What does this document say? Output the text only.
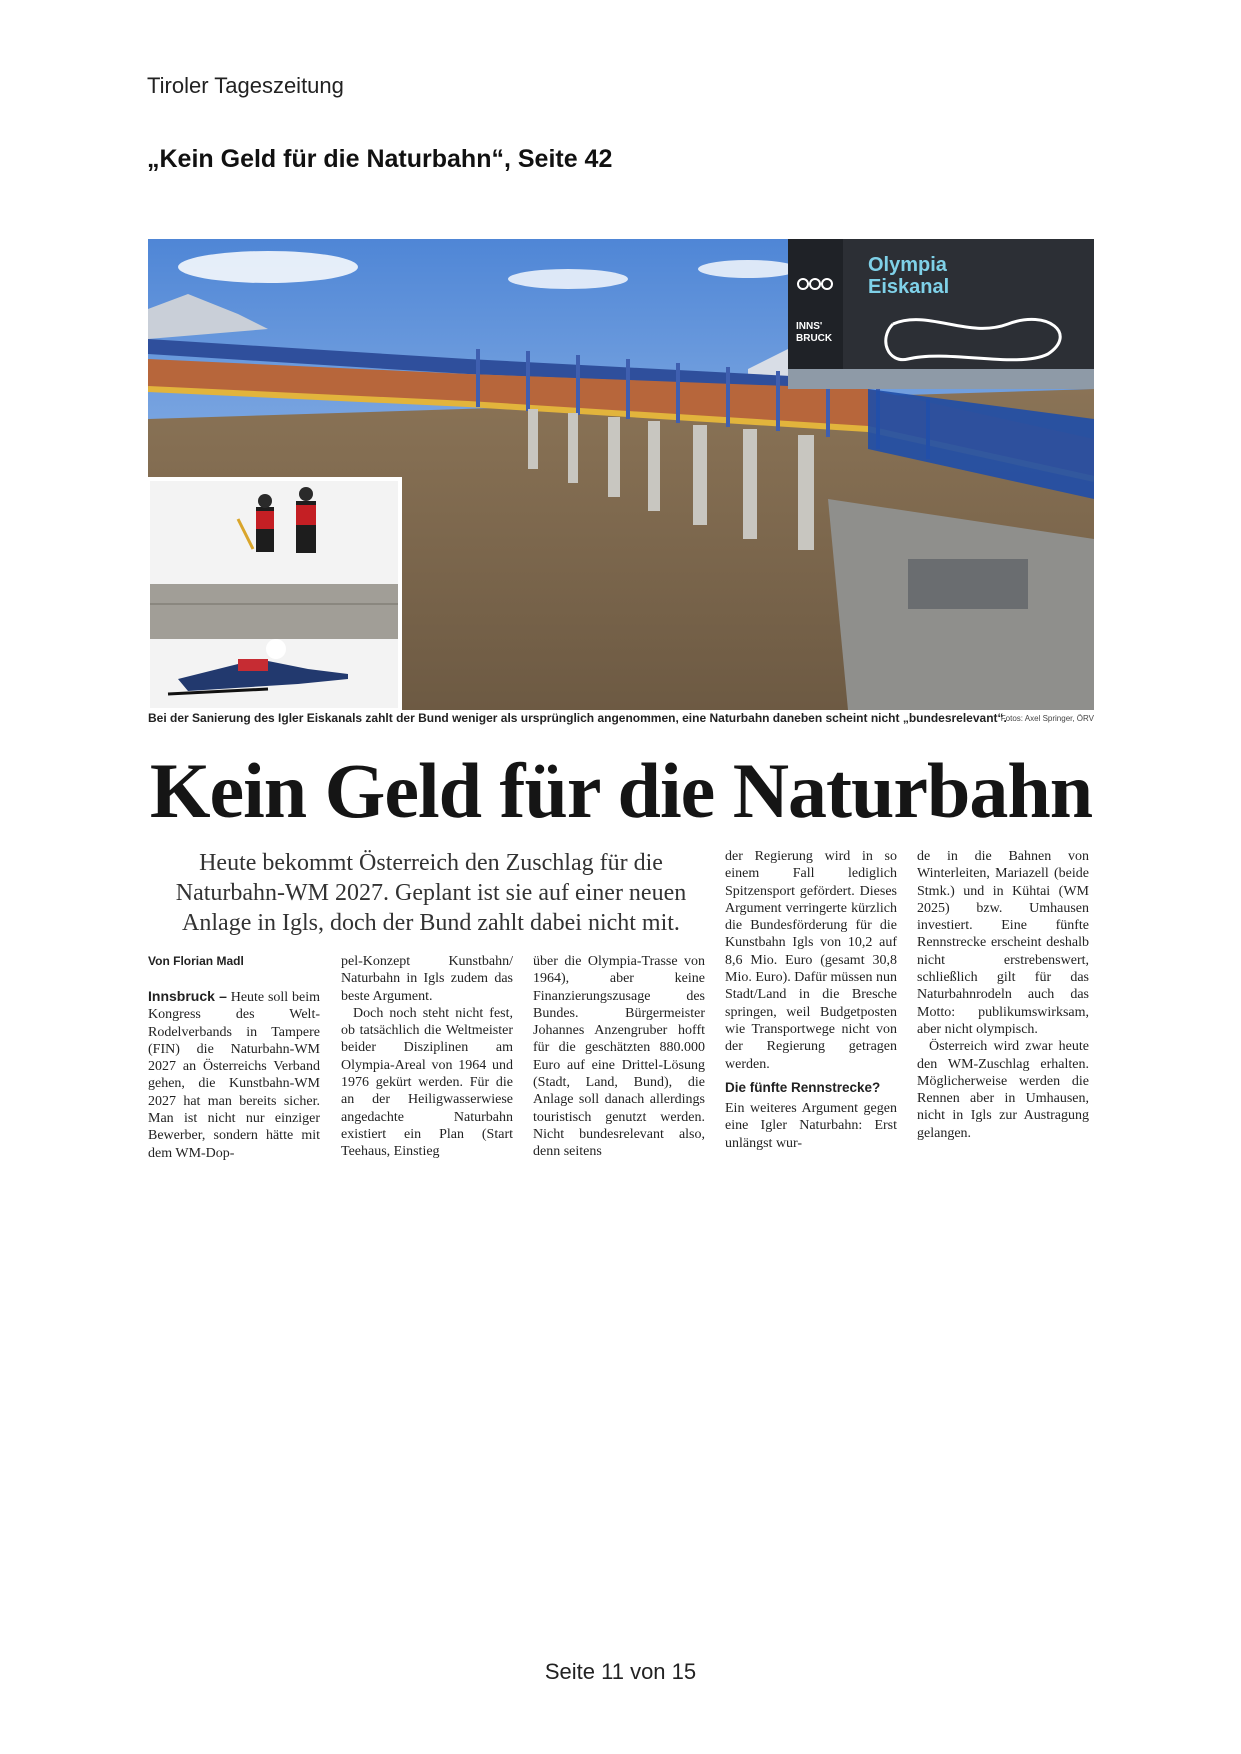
Tiroler Tageszeitung
„Kein Geld für die Naturbahn“, Seite 42
Olympia
Eiskanal
INNS'
BRUCK
Bei der Sanierung des Igler Eiskanals zahlt der Bund weniger als ursprünglich angenommen, eine Naturbahn daneben scheint nicht „bundesrelevant“.
Fotos: Axel Springer, ÖRV
Kein Geld für die Naturbahn
Heute bekommt Österreich den Zuschlag für die Naturbahn-WM 2027. Geplant ist sie auf einer neuen Anlage in Igls, doch der Bund zahlt dabei nicht mit.
Von Florian Madl

Innsbruck – Heute soll beim Kongress des Welt-Rodelverbands in Tampere (FIN) die Naturbahn-WM 2027 an Österreichs Verband gehen, die Kunstbahn-WM 2027 hat man bereits sicher. Man ist nicht nur einziger Bewerber, sondern hätte mit dem WM-Dop-

pel-Konzept Kunstbahn/ Naturbahn in Igls zudem das beste Argument.

Doch noch steht nicht fest, ob tatsächlich die Weltmeister beider Disziplinen am Olympia-Areal von 1964 und 1976 gekürt werden. Für die an der Heiligwasserwiese angedachte Naturbahn existiert ein Plan (Start Teehaus, Einstieg

über die Olympia-Trasse von 1964), aber keine Finanzierungszusage des Bundes. Bürgermeister Johannes Anzengruber hofft für die geschätzten 880.000 Euro auf eine Drittel-Lösung (Stadt, Land, Bund), die Anlage soll danach allerdings touristisch genutzt werden. Nicht bundesrelevant also, denn seitens

der Regierung wird in so einem Fall lediglich Spitzensport gefördert. Dieses Argument verringerte kürzlich die Bundesförderung für die Kunstbahn Igls von 10,2 auf 8,6 Mio. Euro (gesamt 30,8 Mio. Euro). Dafür müssen nun Stadt/Land in die Bresche springen, weil Budgetposten wie Transportwege nicht von der Regierung getragen werden.

Die fünfte Rennstrecke?

Ein weiteres Argument gegen eine Igler Naturbahn: Erst unlängst wur-

de in die Bahnen von Winterleiten, Mariazell (beide Stmk.) und in Kühtai (WM 2025) bzw. Umhausen investiert. Eine fünfte Rennstrecke erscheint deshalb nicht erstrebenswert, schließlich gilt für das Naturbahnrodeln auch das Motto: publikumswirksam, aber nicht olympisch.

Österreich wird zwar heute den WM-Zuschlag erhalten. Möglicherweise werden die Rennen aber in Umhausen, nicht in Igls zur Austragung gelangen.

Seite 11 von 15
